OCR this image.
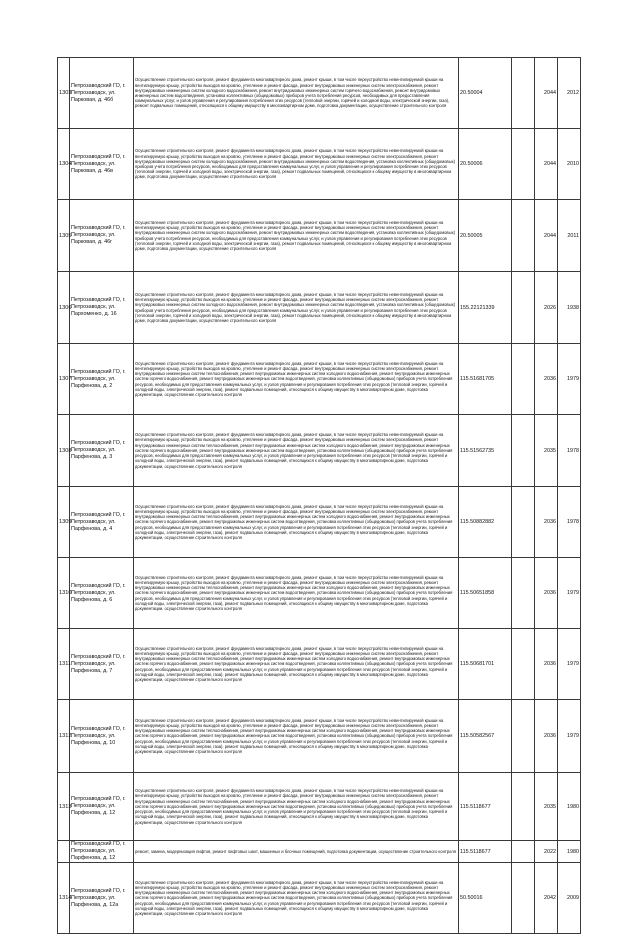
1303	Петрозаводский ГО, г. Петрозаводск, ул. Парковая, д. 46б	Осуществление строительного контроля, ремонт фундамента многоквартирного дома, ремонт крыши, в том числе переустройство невентилируемой крыши на вентилируемую крышу, устройство выходов на кровлю, утепление и ремонт фасада, ремонт внутридомовых инженерных систем электроснабжения, ремонт внутридомовых инженерных систем холодного водоснабжения, ремонт внутридомовых инженерных систем горячего водоснабжения, ремонт внутридомовых инженерных систем водоотведения, установка коллективных (общедомовых) приборов учета потребления ресурсов, необходимых для предоставления коммунальных услуг, и узлов управления и регулирования потребления этих ресурсов (тепловой энергии, горячей и холодной воды, электрической энергии, газа), ремонт подвальных помещений, относящихся к общему имуществу в многоквартирном доме, подготовка документации, осуществление строительного контроля	20.50004		2044	2012
1304	Петрозаводский ГО, г. Петрозаводск, ул. Парковая, д. 46в	Осуществление строительного контроля, ремонт фундамента многоквартирного дома, ремонт крыши, в том числе переустройство невентилируемой крыши на вентилируемую крышу, устройство выходов на кровлю, утепление и ремонт фасада, ремонт внутридомовых инженерных систем электроснабжения, ремонт внутридомовых инженерных систем холодного водоснабжения, ремонт внутридомовых инженерных систем водоотведения, установка коллективных (общедомовых) приборов учета потребления ресурсов, необходимых для предоставления коммунальных услуг, и узлов управления и регулирования потребления этих ресурсов (тепловой энергии, горячей и холодной воды, электрической энергии, газа), ремонт подвальных помещений, относящихся к общему имуществу в многоквартирном доме, подготовка документации, осуществление строительного контроля	20.50006		2044	2010
1305	Петрозаводский ГО, г. Петрозаводск, ул. Парковая, д. 46г	Осуществление строительного контроля, ремонт фундамента многоквартирного дома, ремонт крыши, в том числе переустройство невентилируемой крыши на вентилируемую крышу, устройство выходов на кровлю, утепление и ремонт фасада, ремонт внутридомовых инженерных систем электроснабжения, ремонт внутридомовых инженерных систем холодного водоснабжения, ремонт внутридомовых инженерных систем водоотведения, установка коллективных (общедомовых) приборов учета потребления ресурсов, необходимых для предоставления коммунальных услуг, и узлов управления и регулирования потребления этих ресурсов (тепловой энергии, горячей и холодной воды, электрической энергии, газа), ремонт подвальных помещений, относящихся к общему имуществу в многоквартирном доме, подготовка документации, осуществление строительного контроля	20.50005		2044	2011
1306	Петрозаводский ГО, г. Петрозаводск, ул. Пархоменко, д. 16	Осуществление строительного контроля, ремонт фундамента многоквартирного дома, ремонт крыши, в том числе переустройство невентилируемой крыши на вентилируемую крышу, устройство выходов на кровлю, утепление и ремонт фасада, ремонт внутридомовых инженерных систем электроснабжения, ремонт внутридомовых инженерных систем холодного водоснабжения, ремонт внутридомовых инженерных систем водоотведения, установка коллективных (общедомовых) приборов учета потребления ресурсов, необходимых для предоставления коммунальных услуг, и узлов управления и регулирования потребления этих ресурсов (тепловой энергии, горячей и холодной воды, электрической энергии, газа), ремонт подвальных помещений, относящихся к общему имуществу в многоквартирном доме, подготовка документации, осуществление строительного контроля	155.22121339		2026	1938
1307	Петрозаводский ГО, г. Петрозаводск, ул. Парфенова, д. 2	Осуществление строительного контроля, ремонт фундамента многоквартирного дома, ремонт крыши, в том числе переустройство невентилируемой крыши на вентилируемую крышу, устройство выходов на кровлю, утепление и ремонт фасада, ремонт внутридомовых инженерных систем электроснабжения, ремонт внутридомовых инженерных систем теплоснабжения, ремонт внутридомовых инженерных систем холодного водоснабжения, ремонт внутридомовых инженерных систем горячего водоснабжения, ремонт внутридомовых инженерных систем водоотведения, установка коллективных (общедомовых) приборов учета потребления ресурсов, необходимых для предоставления коммунальных услуг, и узлов управления и регулирования потребления этих ресурсов (тепловой энергии, горячей и холодной воды, электрической энергии, газа), ремонт подвальных помещений, относящихся к общему имуществу в многоквартирном доме, подготовка документации, осуществление строительного контроля	115.51681705		2036	1979
1308	Петрозаводский ГО, г. Петрозаводск, ул. Парфенова, д. 3	Осуществление строительного контроля, ремонт фундамента многоквартирного дома, ремонт крыши, в том числе переустройство невентилируемой крыши на вентилируемую крышу, устройство выходов на кровлю, утепление и ремонт фасада, ремонт внутридомовых инженерных систем электроснабжения, ремонт внутридомовых инженерных систем теплоснабжения, ремонт внутридомовых инженерных систем холодного водоснабжения, ремонт внутридомовых инженерных систем горячего водоснабжения, ремонт внутридомовых инженерных систем водоотведения, установка коллективных (общедомовых) приборов учета потребления ресурсов, необходимых для предоставления коммунальных услуг, и узлов управления и регулирования потребления этих ресурсов (тепловой энергии, горячей и холодной воды, электрической энергии, газа), ремонт подвальных помещений, относящихся к общему имуществу в многоквартирном доме, подготовка документации, осуществление строительного контроля	115.51562735		2035	1978
1309	Петрозаводский ГО, г. Петрозаводск, ул. Парфенова, д. 4	Осуществление строительного контроля, ремонт фундамента многоквартирного дома, ремонт крыши, в том числе переустройство невентилируемой крыши на вентилируемую крышу, устройство выходов на кровлю, утепление и ремонт фасада, ремонт внутридомовых инженерных систем электроснабжения, ремонт внутридомовых инженерных систем теплоснабжения, ремонт внутридомовых инженерных систем холодного водоснабжения, ремонт внутридомовых инженерных систем горячего водоснабжения, ремонт внутридомовых инженерных систем водоотведения, установка коллективных (общедомовых) приборов учета потребления ресурсов, необходимых для предоставления коммунальных услуг, и узлов управления и регулирования потребления этих ресурсов (тепловой энергии, горячей и холодной воды, электрической энергии, газа), ремонт подвальных помещений, относящихся к общему имуществу в многоквартирном доме, подготовка документации, осуществление строительного контроля	115.50882882		2036	1978
1310	Петрозаводский ГО, г. Петрозаводск, ул. Парфенова, д. 6	Осуществление строительного контроля, ремонт фундамента многоквартирного дома, ремонт крыши, в том числе переустройство невентилируемой крыши на вентилируемую крышу, устройство выходов на кровлю, утепление и ремонт фасада, ремонт внутридомовых инженерных систем электроснабжения, ремонт внутридомовых инженерных систем теплоснабжения, ремонт внутридомовых инженерных систем холодного водоснабжения, ремонт внутридомовых инженерных систем горячего водоснабжения, ремонт внутридомовых инженерных систем водоотведения, установка коллективных (общедомовых) приборов учета потребления ресурсов, необходимых для предоставления коммунальных услуг, и узлов управления и регулирования потребления этих ресурсов (тепловой энергии, горячей и холодной воды, электрической энергии, газа), ремонт подвальных помещений, относящихся к общему имуществу в многоквартирном доме, подготовка документации, осуществление строительного контроля	115.50651858		2036	1979
1311	Петрозаводский ГО, г. Петрозаводск, ул. Парфенова, д. 7	Осуществление строительного контроля, ремонт фундамента многоквартирного дома, ремонт крыши, в том числе переустройство невентилируемой крыши на вентилируемую крышу, устройство выходов на кровлю, утепление и ремонт фасада, ремонт внутридомовых инженерных систем электроснабжения, ремонт внутридомовых инженерных систем теплоснабжения, ремонт внутридомовых инженерных систем холодного водоснабжения, ремонт внутридомовых инженерных систем горячего водоснабжения, ремонт внутридомовых инженерных систем водоотведения, установка коллективных (общедомовых) приборов учета потребления ресурсов, необходимых для предоставления коммунальных услуг, и узлов управления и регулирования потребления этих ресурсов (тепловой энергии, горячей и холодной воды, электрической энергии, газа), ремонт подвальных помещений, относящихся к общему имуществу в многоквартирном доме, подготовка документации, осуществление строительного контроля	115.50681701		2036	1979
1312	Петрозаводский ГО, г. Петрозаводск, ул. Парфенова, д. 10	Осуществление строительного контроля, ремонт фундамента многоквартирного дома, ремонт крыши, в том числе переустройство невентилируемой крыши на вентилируемую крышу, устройство выходов на кровлю, утепление и ремонт фасада, ремонт внутридомовых инженерных систем электроснабжения, ремонт внутридомовых инженерных систем теплоснабжения, ремонт внутридомовых инженерных систем холодного водоснабжения, ремонт внутридомовых инженерных систем горячего водоснабжения, ремонт внутридомовых инженерных систем водоотведения, установка коллективных (общедомовых) приборов учета потребления ресурсов, необходимых для предоставления коммунальных услуг, и узлов управления и регулирования потребления этих ресурсов (тепловой энергии, горячей и холодной воды, электрической энергии, газа), ремонт подвальных помещений, относящихся к общему имуществу в многоквартирном доме, подготовка документации, осуществление строительного контроля	115.50582567		2036	1979
1313	Петрозаводский ГО, г. Петрозаводск, ул. Парфенова, д. 12	Осуществление строительного контроля, ремонт фундамента многоквартирного дома, ремонт крыши, в том числе переустройство невентилируемой крыши на вентилируемую крышу, устройство выходов на кровлю, утепление и ремонт фасада, ремонт внутридомовых инженерных систем электроснабжения, ремонт внутридомовых инженерных систем теплоснабжения, ремонт внутридомовых инженерных систем холодного водоснабжения, ремонт внутридомовых инженерных систем горячего водоснабжения, ремонт внутридомовых инженерных систем водоотведения, установка коллективных (общедомовых) приборов учета потребления ресурсов, необходимых для предоставления коммунальных услуг, и узлов управления и регулирования потребления этих ресурсов (тепловой энергии, горячей и холодной воды, электрической энергии, газа), ремонт подвальных помещений, относящихся к общему имуществу в многоквартирном доме, подготовка документации, осуществление строительного контроля	115.5118677		2035	1980
	Петрозаводский ГО, г. Петрозаводск, ул. Парфенова, д. 12	ремонт, замена, модернизация лифтов, ремонт лифтовых шахт, машинных и блочных помещений, подготовка документации, осуществление строительного контроля	115.5118677		2022	1980
1314	Петрозаводский ГО, г. Петрозаводск, ул. Парфенова, д. 12а	Осуществление строительного контроля, ремонт фундамента многоквартирного дома, ремонт крыши, в том числе переустройство невентилируемой крыши на вентилируемую крышу, устройство выходов на кровлю, утепление и ремонт фасада, ремонт внутридомовых инженерных систем электроснабжения, ремонт внутридомовых инженерных систем теплоснабжения, ремонт внутридомовых инженерных систем холодного водоснабжения, ремонт внутридомовых инженерных систем горячего водоснабжения, ремонт внутридомовых инженерных систем водоотведения, установка коллективных (общедомовых) приборов учета потребления ресурсов, необходимых для предоставления коммунальных услуг, и узлов управления и регулирования потребления этих ресурсов (тепловой энергии, горячей и холодной воды, электрической энергии, газа), ремонт подвальных помещений, относящихся к общему имуществу в многоквартирном доме, подготовка документации, осуществление строительного контроля	50.50016		2042	2009
